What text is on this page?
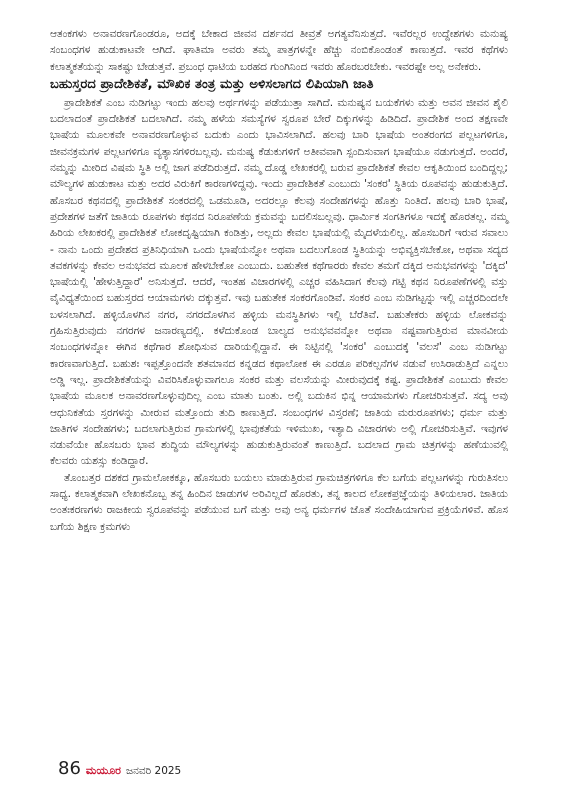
ಆತಂಕಗಳು ಅನಾವರಣಗೊಂಡರೂ, ಅದಕ್ಕೆ ಬೇಕಾದ ಜೀವನ ದರ್ಶನದ ತೀವ್ರತೆ ಅಗತ್ಯವೆನಿಸುತ್ತದೆ. ಇವೆರಲ್ಲರ ಉದ್ದೇಶಗಳು ಮನುಷ್ಯ ಸಂಬಂಧಗಳ ಹುಡುಕಾಟವೇ ಆಗಿದೆ. ಘಾತಿಮಾ ಅವರು ತಮ್ಮ ಪಾತ್ರಗಳನ್ನೇ ಹೆಚ್ಚು ನಂಬಿಕೊಂಡಂತೆ ಕಾಣುತ್ತದೆ. ಇವರ ಕಥೆಗಳು ಕಲಾತ್ಮಕತೆಯನ್ನು ಸಾಕಷ್ಟು ಬೇಡುತ್ತವೆ. ಪ್ರಬಂಧ ಧಾಟಿಯ ಬರಹದ ಗುಂಗಿನಿಂದ ಇವರು ಹೊರಬರಬೇಕು. ಇವರಷ್ಟೇ ಅಲ್ಲ ಅನೇಕರು.

ಬಹುಸ್ತರದ ಪ್ರಾದೇಶಿಕತೆ, ಮೌಖಿಕ ತಂತ್ರ ಮತ್ತು ಅಳಿಸಲಾಗದ ಲಿಪಿಯಾಗಿ ಜಾತಿ

ಪ್ರಾದೇಶಿಕತೆ ಎಂಬ ನುಡಿಗಟ್ಟು ಇಂದು ಹಲವು ಅರ್ಥಗಳನ್ನು ಪಡೆಯುತ್ತಾ ಸಾಗಿದೆ. ಮನುಷ್ಯನ ಬಯಕೆಗಳು ಮತ್ತು ಅವನ ಜೀವನ ಶೈಲಿ ಬದಲಾದಂತೆ ಪ್ರಾದೇಶಿಕತೆ ಬದಲಾಗಿದೆ. ನಮ್ಮ ಹಳೆಯ ಸಮಸ್ಯೆಗಳ ಸ್ವರೂಪ ಬೇರೆ ದಿಕ್ಕುಗಳನ್ನು ಹಿಡಿದಿದೆ. ಪ್ರಾದೇಶಿಕ ಅಂದ ತಕ್ಷಣವೇ ಭಾಷೆಯ ಮೂಲಕವೇ ಅನಾವರಣಗೊಳ್ಳುವ ಬದುಕು ಎಂದು ಭಾವಿಸಲಾಗಿದೆ. ಹಲವು ಬಾರಿ ಭಾಷೆಯ ಅಂತರಂಗದ ಪಲ್ಲಟಗಳಿಗೂ, ಜೀವನಕ್ರಮಗಳ ಪಲ್ಲಟಗಳಿಗೂ ವ್ಯತ್ಯಾಸಗಳಿರಬಲ್ಲವು. ಮನುಷ್ಯ ಕೆಡುಕುಗಳಿಗೆ ಅತೀವವಾಗಿ ಸ್ಪಂದಿಸುವಾಗ ಭಾಷೆಯೂ ನಡುಗುತ್ತದೆ. ಅಂದರೆ, ನಮ್ಮನ್ನು ಮೀರಿದ ವಿಷಮ ಸ್ಥಿತಿ ಅಲ್ಲಿ ಜಾಗ ಪಡೆದಿರುತ್ತದೆ. ನಮ್ಮ ದೊಡ್ಡ ಲೇಖಕರಲ್ಲಿ ಬರುವ ಪ್ರಾದೇಶಿಕತೆ ಕೇವಲ ಆಕೃತಿಯಿಂದ ಬಂದಿದ್ದಲ್ಲ; ಮೌಲ್ಯಗಳ ಹುಡುಕಾಟ ಮತ್ತು ಅದರ ವಿರುಕಿಗೆ ಕಾರಣಗಳಿದ್ದವು. ಇಂದು ಪ್ರಾದೇಶಿಕತೆ ಎಂಬುದು 'ಸಂಕರ' ಸ್ಥಿತಿಯ ರೂಪವನ್ನು ಹುಡುಕುತ್ತಿದೆ. ಹೊಸಬರ ಕಥನದಲ್ಲಿ ಪ್ರಾದೇಶಿಕತೆ ಸಂಕರದಲ್ಲಿ ಒಡಮೂಡಿ, ಅದರಲ್ಲೂ ಕೆಲವು ಸಂದೇಹಗಳನ್ನು ಹೊತ್ತು ನಿಂತಿದೆ. ಹಲವು ಬಾರಿ ಭಾಷೆ, ಪ್ರದೇಶಗಳ ಜತೆಗೆ ಜಾತಿಯ ರೂಪಗಳು ಕಥನದ ನಿರೂಪಣೆಯ ಕ್ರಮವನ್ನು ಬದಲಿಸಬಲ್ಲವು. ಧಾರ್ಮಿಕ ಸಂಗತಿಗಳೂ ಇದಕ್ಕೆ ಹೊರತಲ್ಲ. ನಮ್ಮ ಹಿರಿಯ ಲೇಖಕರಲ್ಲಿ ಪ್ರಾದೇಶಿಕತೆ ಲೋಕದೃಷ್ಟಿಯಾಗಿ ಕಂಡಿತ್ತು, ಅಲ್ಲದು ಕೇವಲ ಭಾಷೆಯಲ್ಲಿ ಮೈದಳೆಯಲಿಲ್ಲ. ಹೊಸಬರಿಗೆ ಇರುವ ಸವಾಲು - ನಾನು ಒಂದು ಪ್ರದೇಶದ ಪ್ರತಿನಿಧಿಯಾಗಿ ಒಂದು ಭಾಷೆಯನ್ನೋ ಅಥವಾ ಬದಲುಗೊಂಡ ಸ್ಥಿತಿಯನ್ನು ಅಭಿವ್ಯಕ್ತಿಸಬೇಕೋ, ಅಥವಾ ಸದ್ಯದ ತವಕಗಳನ್ನು ಕೇವಲ ಅನುಭವದ ಮೂಲಕ ಹೇಳಬೇಕೋ ಎಂಬುದು. ಬಹುತೇಕ ಕಥೆಗಾರರು ಕೇವಲ ತಮಗೆ ದಕ್ಕಿದ ಅನುಭವಗಳನ್ನು 'ದಕ್ಕಿದ' ಭಾಷೆಯಲ್ಲಿ 'ಹೇಳುತ್ತಿದ್ದಾರೆ' ಅನಿಸುತ್ತದೆ. ಆದರೆ, ಇಂತಹ ವಿಚಾರಗಳಲ್ಲಿ ಎಚ್ಚರ ವಹಿಸಿದಾಗ ಕೆಲವು ಗಟ್ಟಿ ಕಥನ ನಿರೂಪಣೆಗಳಲ್ಲಿ ವಸ್ತು ವೈವಿಧ್ಯತೆಯಿಂದ ಬಹುಸ್ತರದ ಆಯಾಮಗಳು ದಕ್ಕುತ್ತವೆ. ಇವು ಬಹುತೇಕ ಸಂಕರಗೊಂಡಿವೆ. ಸಂಕರ ಎಂಬ ನುಡಿಗಟ್ಟನ್ನು ಇಲ್ಲಿ ಎಚ್ಚರದಿಂದಲೇ ಬಳಸಲಾಗಿದೆ. ಹಳ್ಳಿಯೊಳಗಿನ ನಗರ, ನಗರದೊಳಗಿನ ಹಳ್ಳಿಯ ಮನಸ್ಥಿತಿಗಳು ಇಲ್ಲಿ ಬೆರೆತಿವೆ. ಬಹುತೇಕರು ಹಳ್ಳಿಯ ಲೋಕವನ್ನು ಗ್ರಹಿಸುತ್ತಿರುವುದು ನಗರಗಳ ಜನಾರಣ್ಯದಲ್ಲಿ. ಕಳೆದುಕೊಂಡ ಬಾಲ್ಯದ ಅನುಭವವನ್ನೋ ಅಥವಾ ನಷ್ಟವಾಗುತ್ತಿರುವ ಮಾನವೀಯ ಸಂಬಂಧಗಳನ್ನೋ ಈಗಿನ ಕಥೆಗಾರ ಶೋಧಿಸುವ ದಾರಿಯಲ್ಲಿದ್ದಾನೆ. ಈ ನಿಟ್ಟಿನಲ್ಲಿ 'ಸಂಕರ' ಎಂಬುದಕ್ಕೆ 'ವಲಸೆ' ಎಂಬ ನುಡಿಗಟ್ಟು ಕಾರಣವಾಗುತ್ತಿದೆ. ಬಹುಶಃ ಇಪ್ಪತ್ತೊಂದನೇ ಶತಮಾನದ ಕನ್ನಡದ ಕಥಾಲೋಕ ಈ ಎರಡೂ ಪರಿಕಲ್ಪನೆಗಳ ನಡುವೆ ಉಸಿರಾಡುತ್ತಿದೆ ಎನ್ನಲು ಅಡ್ಡಿ ಇಲ್ಲ. ಪ್ರಾದೇಶಿಕತೆಯನ್ನು ವಿವರಿಸಿಕೊಳ್ಳುವಾಗಲೂ ಸಂಕರ ಮತ್ತು ವಲಸೆಯನ್ನು ಮೀರುವುದಕ್ಕೆ ಕಷ್ಟ. ಪ್ರಾದೇಶಿಕತೆ ಎಂಬುದು ಕೇವಲ ಭಾಷೆಯ ಮೂಲಕ ಅನಾವರಣಗೊಳ್ಳುವುದಿಲ್ಲ ಎಂಬ ಮಾತು ಬಂತು. ಅಲ್ಲಿ ಬದುಕಿನ ಭಿನ್ನ ಆಯಾಮಗಳು ಗೋಚರಿಸುತ್ತವೆ. ಸದ್ಯ ಅವು ಆಧುನಿಕತೆಯ ಸ್ತರಗಳನ್ನು ಮೀರುವ ಮತ್ತೊಂದು ತುದಿ ಕಾಣುತ್ತಿದೆ. ಸಂಬಂಧಗಳ ವಿಸ್ತರಣೆ; ಜಾತಿಯ ಮರುರೂಪಗಳು; ಧರ್ಮ ಮತ್ತು ಜಾತಿಗಳ ಸಂದೇಹಗಳು; ಬದಲಾಗುತ್ತಿರುವ ಗ್ರಾಮಗಳಲ್ಲಿ ಭಾವುಕತೆಯ ಇಳಿಮುಖ, ಇತ್ಯಾದಿ ವಿಚಾರಗಳು ಅಲ್ಲಿ ಗೋಚರಿಸುತ್ತಿವೆ. ಇವುಗಳ ನಡುವೆಯೇ ಹೊಸಬರು ಭಾವ ಶುದ್ಧಿಯ ಮೌಲ್ಯಗಳನ್ನು ಹುಡುಕುತ್ತಿರುವಂತೆ ಕಾಣುತ್ತಿದೆ. ಬದಲಾದ ಗ್ರಾಮ ಚಿತ್ರಗಳನ್ನು ಹಣೆಯುವಲ್ಲಿ ಕೆಲವರು ಯಶಸ್ಸು ಕಂಡಿದ್ದಾರೆ.

ತೊಂಬತ್ತರ ದಶಕದ ಗ್ರಾಮಲೋಕಕ್ಕೂ, ಹೊಸಬರು ಬಯಲು ಮಾಡುತ್ತಿರುವ ಗ್ರಾಮಚಿತ್ರಗಳಿಗೂ ಕೆಲ ಬಗೆಯ ಪಲ್ಲಟಗಳನ್ನು ಗುರುತಿಸಲು ಸಾಧ್ಯ. ಕಲಾತ್ಮಕವಾಗಿ ಲೇಖಕನೊಬ್ಬ ತನ್ನ ಹಿಂದಿನ ಜಾಡುಗಳ ಅರಿವಿಲ್ಲದೆ ಹೊರತು, ತನ್ನ ಕಾಲದ ಲೋಕಪ್ರಜ್ಞೆಯನ್ನು ತಿಳಿಯಲಾರ. ಜಾತಿಯ ಅಂತಃಕರಣಗಳು ರಾಜಕೀಯ ಸ್ವರೂಪವನ್ನು ಪಡೆಯುವ ಬಗೆ ಮತ್ತು ಅವು ಅನ್ಯ ಧರ್ಮಗಳ ಜೊತೆ ಸಂದೇಹಿಯಾಗುವ ಪ್ರಕ್ರಿಯೆಗಳಿವೆ. ಹೊಸ ಬಗೆಯ ಶಿಕ್ಷಣ ಕ್ರಮಗಳು

86 ಮಯೂರ ಜನವರಿ 2025
